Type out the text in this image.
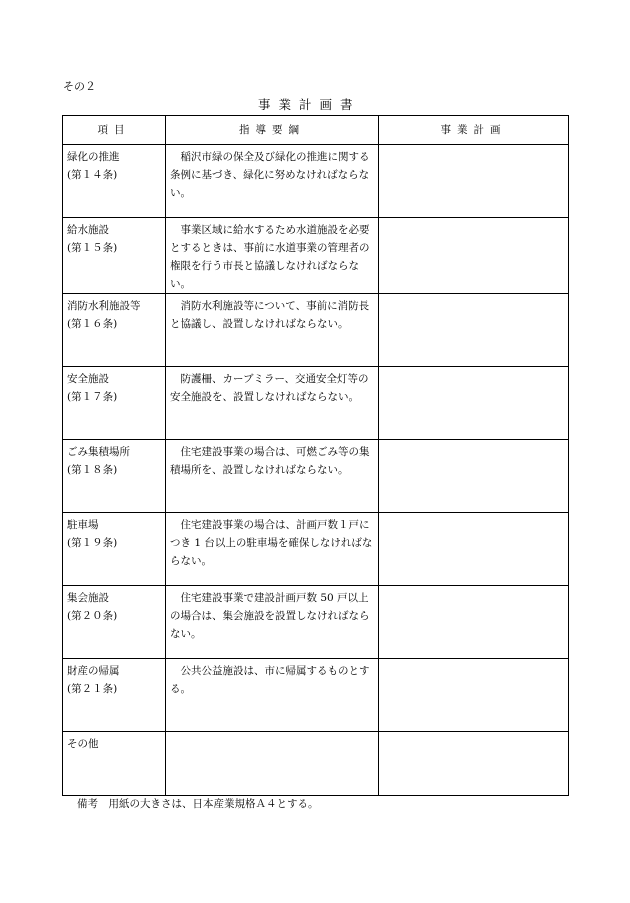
その２

事業計画書
項目	指導要綱	事業計画

緑化の推進
(第１４条)	稲沢市緑の保全及び緑化の推進に関する条例に基づき、緑化に努めなければならない。	

給水施設
(第１５条)	事業区域に給水するため水道施設を必要とするときは、事前に水道事業の管理者の権限を行う市長と協議しなければならない。	

消防水利施設等
(第１６条)	消防水利施設等について、事前に消防長と協議し、設置しなければならない。	

安全施設
(第１７条)	防護柵、カーブミラー、交通安全灯等の安全施設を、設置しなければならない。	

ごみ集積場所
(第１８条)	住宅建設事業の場合は、可燃ごみ等の集積場所を、設置しなければならない。	

駐車場
(第１９条)	住宅建設事業の場合は、計画戸数１戸につき 1 台以上の駐車場を確保しなければならない。	

集会施設
(第２０条)	住宅建設事業で建設計画戸数 50 戸以上の場合は、集会施設を設置しなければならない。	

財産の帰属
(第２１条)	公共公益施設は、市に帰属するものとする。	

その他		

備考　用紙の大きさは、日本産業規格Ａ４とする。
